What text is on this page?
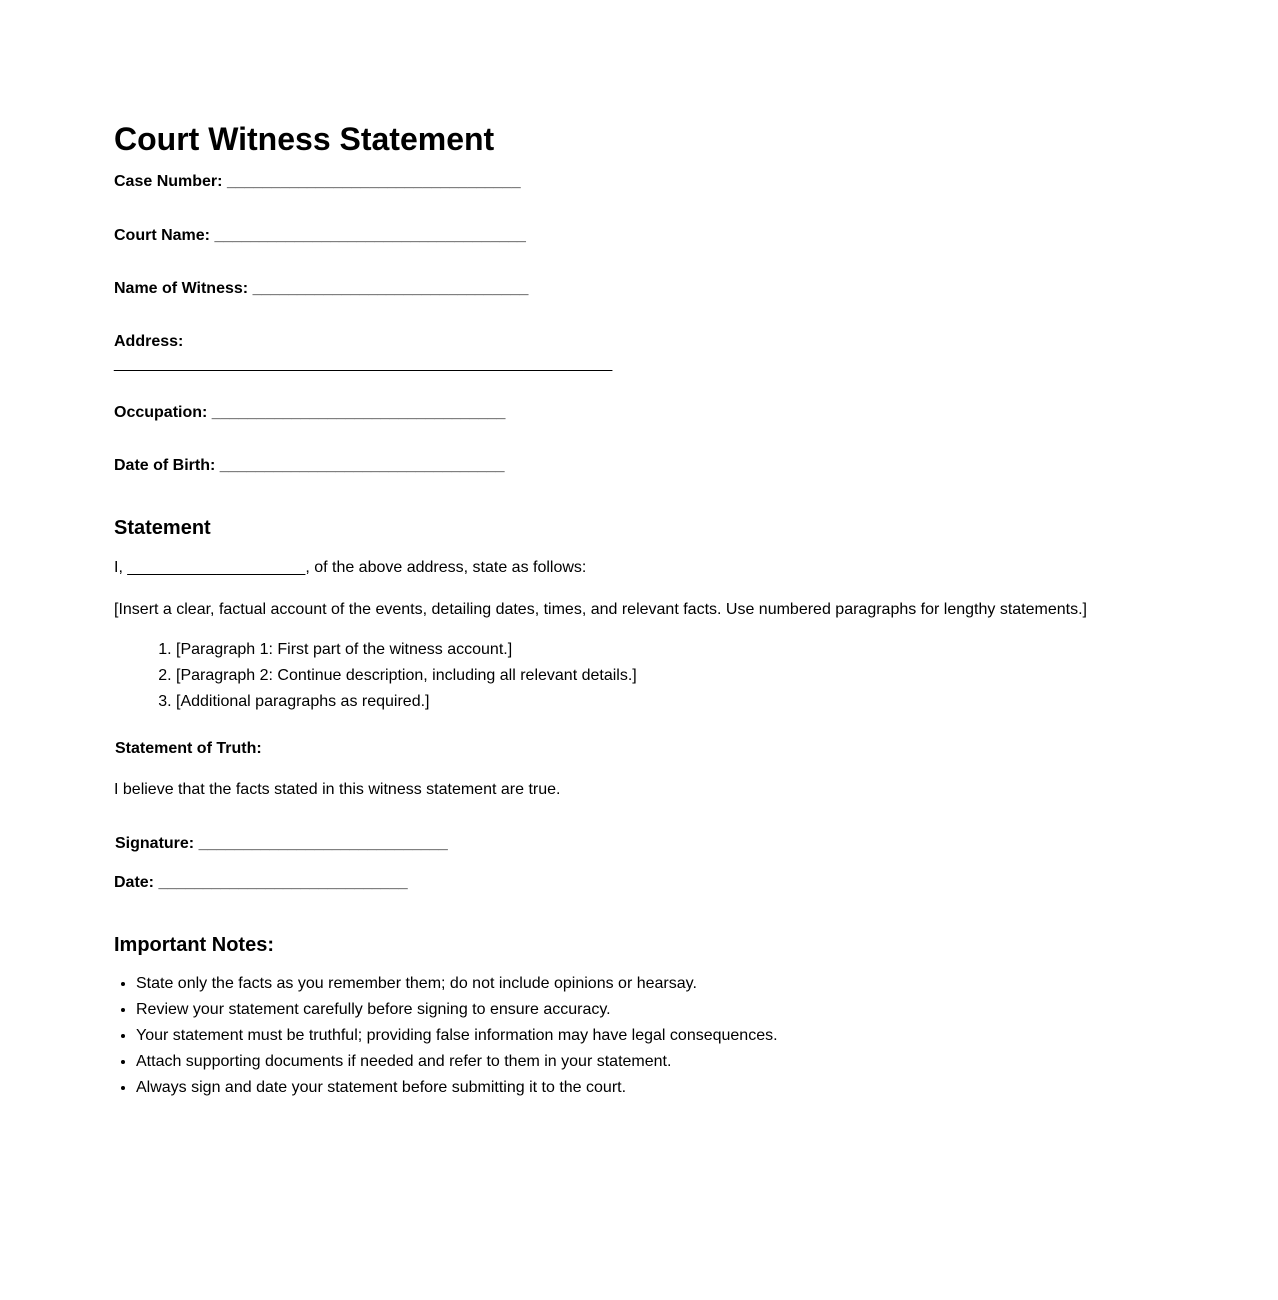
Court Witness Statement
Case Number: _________________________________
Court Name: ___________________________________
Name of Witness: _______________________________
Address:
________________________________________________________
Occupation: _________________________________
Date of Birth: ________________________________
Statement

I, ____________________, of the above address, state as follows:

[Insert a clear, factual account of the events, detailing dates, times, and relevant facts. Use numbered paragraphs for lengthy statements.]

1. [Paragraph 1: First part of the witness account.]
2. [Paragraph 2: Continue description, including all relevant details.]
3. [Additional paragraphs as required.]

Statement of Truth:

I believe that the facts stated in this witness statement are true.

Signature: ____________________________
Date: ____________________________
Important Notes:
• State only the facts as you remember them; do not include opinions or hearsay.
• Review your statement carefully before signing to ensure accuracy.
• Your statement must be truthful; providing false information may have legal consequences.
• Attach supporting documents if needed and refer to them in your statement.
• Always sign and date your statement before submitting it to the court.
